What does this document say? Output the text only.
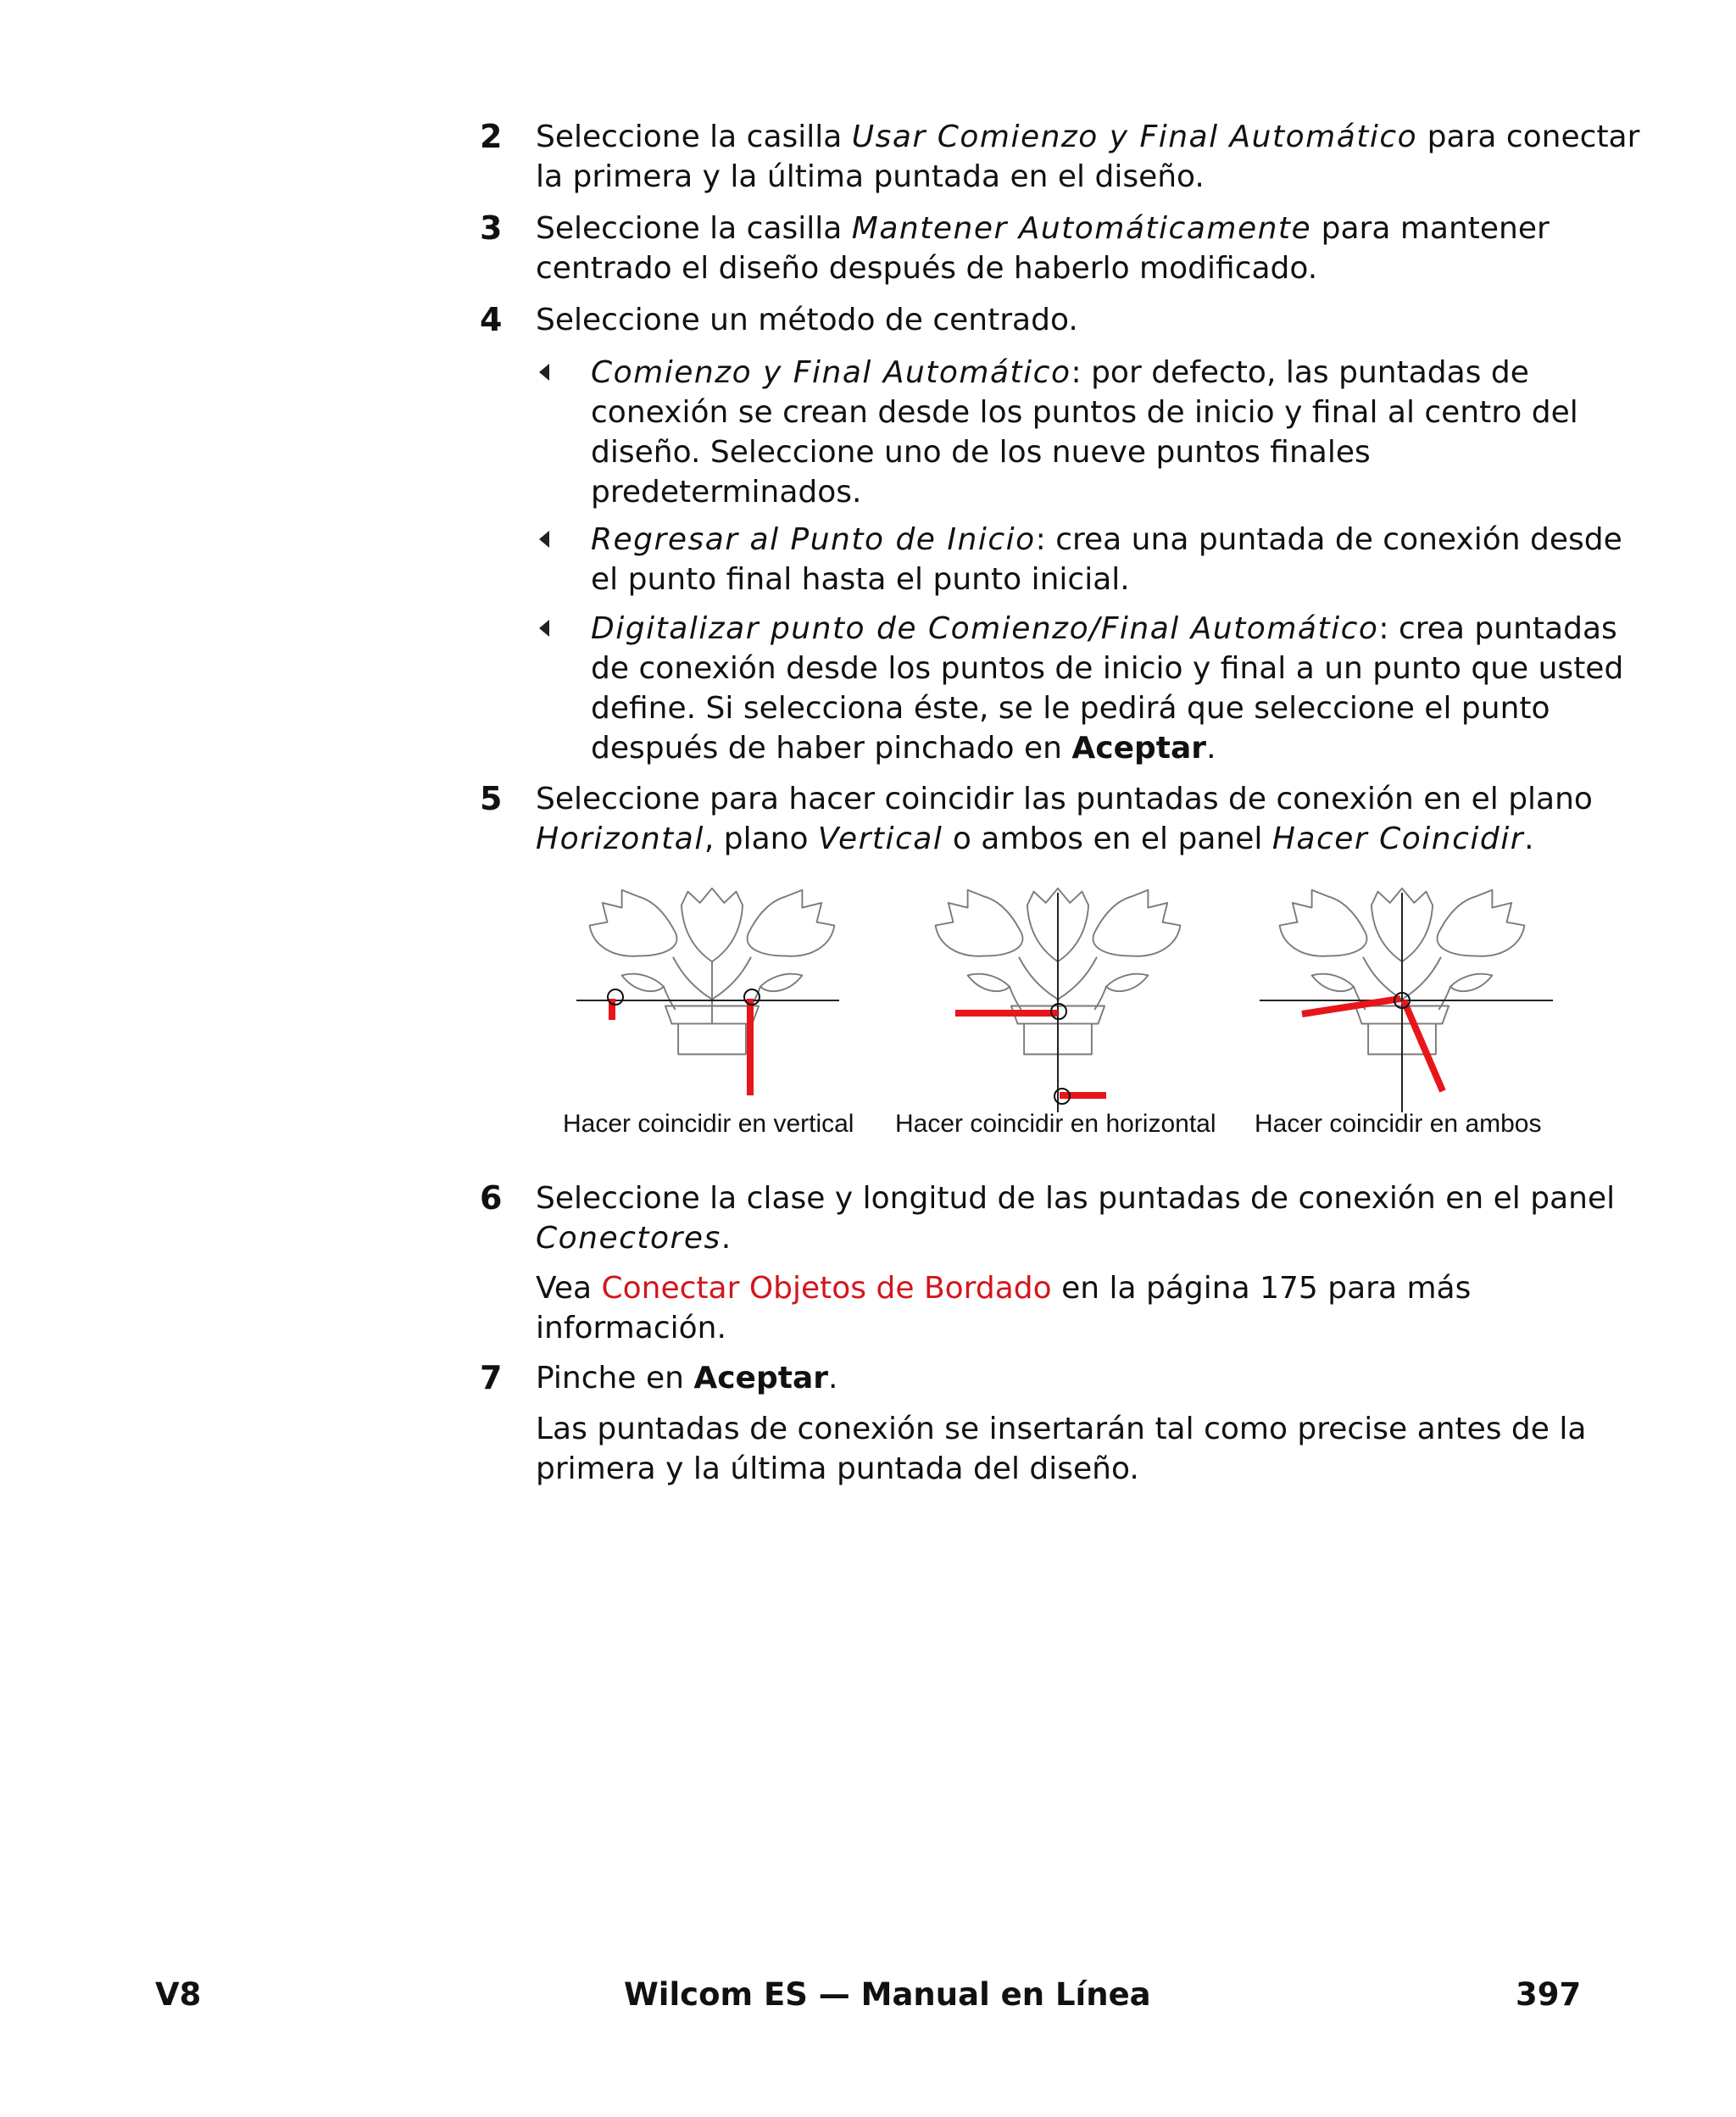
2 Seleccione la casilla Usar Comienzo y Final Automático para conectar
la primera y la última puntada en el diseño.
3 Seleccione la casilla Mantener Automáticamente para mantener
centrado el diseño después de haberlo modificado.
4 Seleccione un método de centrado.
Comienzo y Final Automático: por defecto, las puntadas de
conexión se crean desde los puntos de inicio y final al centro del
diseño. Seleccione uno de los nueve puntos finales
predeterminados.
Regresar al Punto de Inicio: crea una puntada de conexión desde
el punto final hasta el punto inicial.
Digitalizar punto de Comienzo/Final Automático: crea puntadas
de conexión desde los puntos de inicio y final a un punto que usted
define. Si selecciona éste, se le pedirá que seleccione el punto
después de haber pinchado en Aceptar.
5 Seleccione para hacer coincidir las puntadas de conexión en el plano
Horizontal, plano Vertical o ambos en el panel Hacer Coincidir.
Hacer coincidir en vertical Hacer coincidir en horizontal Hacer coincidir en ambos
6 Seleccione la clase y longitud de las puntadas de conexión en el panel
Conectores.
Vea Conectar Objetos de Bordado en la página 175 para más
información.
7 Pinche en Aceptar.
Las puntadas de conexión se insertarán tal como precise antes de la
primera y la última puntada del diseño.
V8	Wilcom ES — Manual en Línea	397
